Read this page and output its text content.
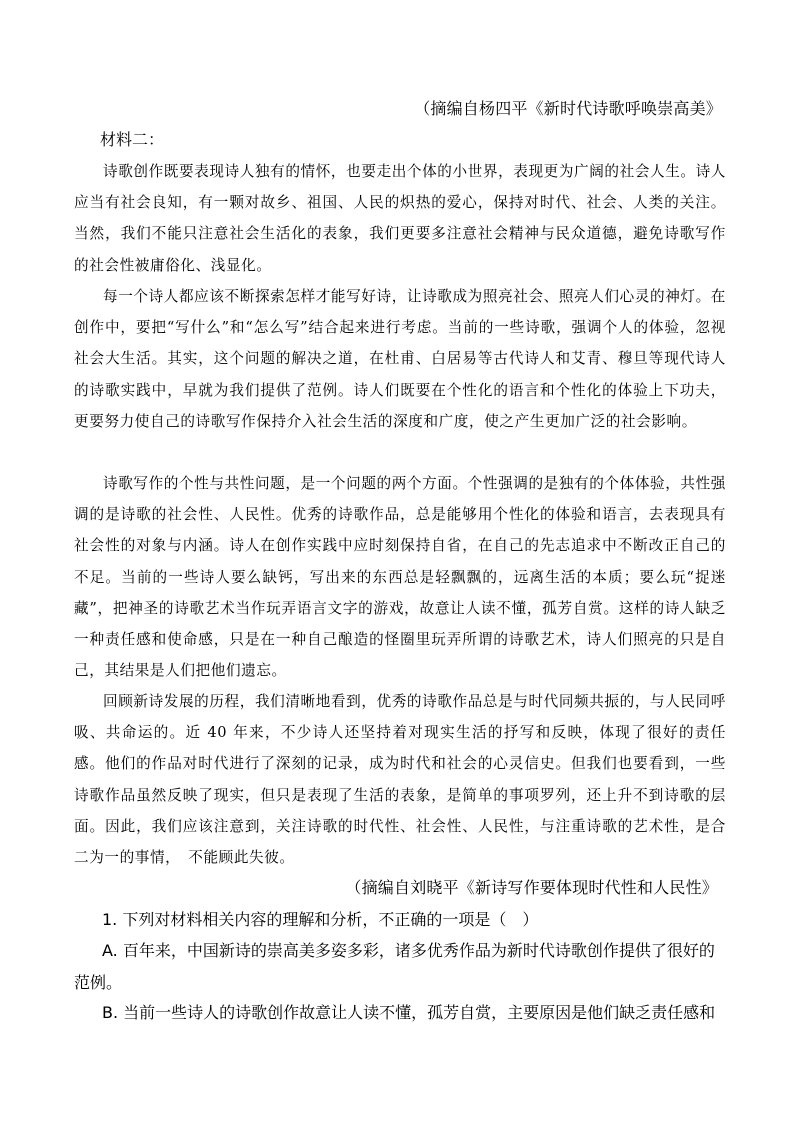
（摘编自杨四平《新时代诗歌呼唤崇高美》
材料二：

诗歌创作既要表现诗人独有的情怀，也要走出个体的小世界，表现更为广阔的社会人生。诗人应当有社会良知，有一颗对故乡、祖国、人民的炽热的爱心，保持对时代、社会、人类的关注。当然，我们不能只注意社会生活化的表象，我们更要多注意社会精神与民众道德，避免诗歌写作的社会性被庸俗化、浅显化。

每一个诗人都应该不断探索怎样才能写好诗，让诗歌成为照亮社会、照亮人们心灵的神灯。在创作中，要把“写什么”和“怎么写”结合起来进行考虑。当前的一些诗歌，强调个人的体验，忽视社会大生活。其实，这个问题的解决之道，在杜甫、白居易等古代诗人和艾青、穆旦等现代诗人的诗歌实践中，早就为我们提供了范例。诗人们既要在个性化的语言和个性化的体验上下功夫，更要努力使自己的诗歌写作保持介入社会生活的深度和广度，使之产生更加广泛的社会影响。

诗歌写作的个性与共性问题，是一个问题的两个方面。个性强调的是独有的个体体验，共性强调的是诗歌的社会性、人民性。优秀的诗歌作品，总是能够用个性化的体验和语言，去表现具有社会性的对象与内涵。诗人在创作实践中应时刻保持自省，在自己的先志追求中不断改正自己的不足。当前的一些诗人要么缺钙，写出来的东西总是轻飘飘的，远离生活的本质；要么玩“捉迷藏”，把神圣的诗歌艺术当作玩弄语言文字的游戏，故意让人读不懂，孤芳自赏。这样的诗人缺乏一种责任感和使命感，只是在一种自己酿造的怪圈里玩弄所谓的诗歌艺术，诗人们照亮的只是自己，其结果是人们把他们遗忘。

回顾新诗发展的历程，我们清晰地看到，优秀的诗歌作品总是与时代同频共振的，与人民同呼吸、共命运的。近 40 年来，不少诗人还坚持着对现实生活的抒写和反映，体现了很好的责任感。他们的作品对时代进行了深刻的记录，成为时代和社会的心灵信史。但我们也要看到，一些诗歌作品虽然反映了现实，但只是表现了生活的表象，是简单的事项罗列，还上升不到诗歌的层面。因此，我们应该注意到，关注诗歌的时代性、社会性、人民性，与注重诗歌的艺术性，是合二为一的事情，　不能顾此失彼。

（摘编自刘晓平《新诗写作要体现时代性和人民性》
1. 下列对材料相关内容的理解和分析，不正确的一项是（　）

A. 百年来，中国新诗的崇高美多姿多彩，诸多优秀作品为新时代诗歌创作提供了很好的

范例。

B. 当前一些诗人的诗歌创作故意让人读不懂，孤芳自赏，主要原因是他们缺乏责任感和
